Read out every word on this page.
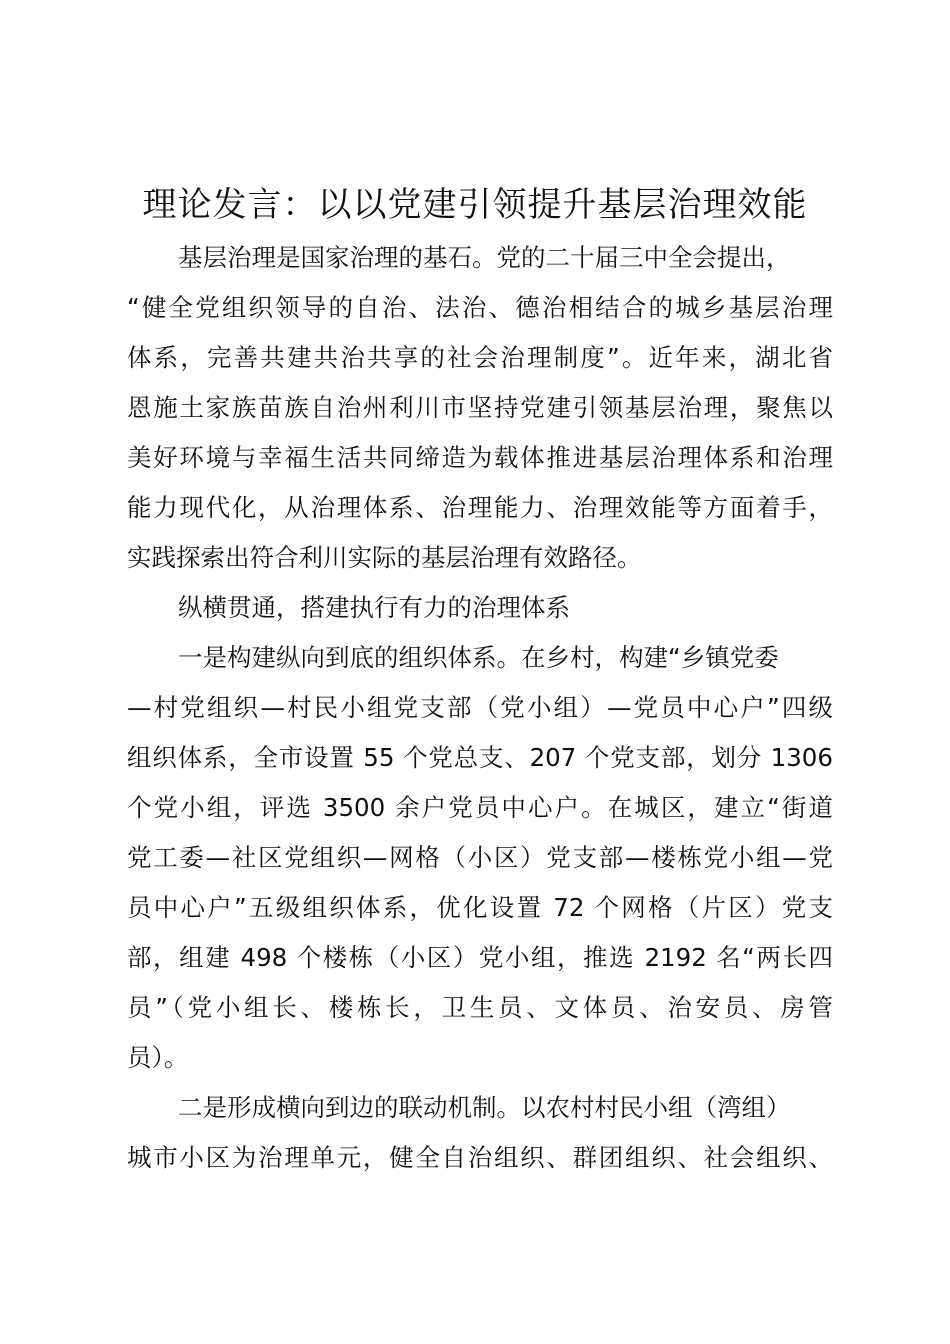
理论发言：以以党建引领提升基层治理效能
基层治理是国家治理的基石。党的二十届三中全会提出，
“健全党组织领导的自治、法治、德治相结合的城乡基层治理
体系，完善共建共治共享的社会治理制度”。近年来，湖北省
恩施土家族苗族自治州利川市坚持党建引领基层治理，聚焦以
美好环境与幸福生活共同缔造为载体推进基层治理体系和治理
能力现代化，从治理体系、治理能力、治理效能等方面着手，
实践探索出符合利川实际的基层治理有效路径。
纵横贯通，搭建执行有力的治理体系
一是构建纵向到底的组织体系。在乡村，构建“乡镇党委
—村党组织—村民小组党支部（党小组）—党员中心户”四级
组织体系，全市设置 55 个党总支、207 个党支部，划分 1306
个党小组，评选 3500 余户党员中心户。在城区，建立“街道
党工委—社区党组织—网格（小区）党支部—楼栋党小组—党
员中心户”五级组织体系，优化设置 72 个网格（片区）党支
部，组建 498 个楼栋（小区）党小组，推选 2192 名“两长四
员”（党小组长、楼栋长，卫生员、文体员、治安员、房管
员）。
二是形成横向到边的联动机制。以农村村民小组（湾组）
城市小区为治理单元，健全自治组织、群团组织、社会组织、
